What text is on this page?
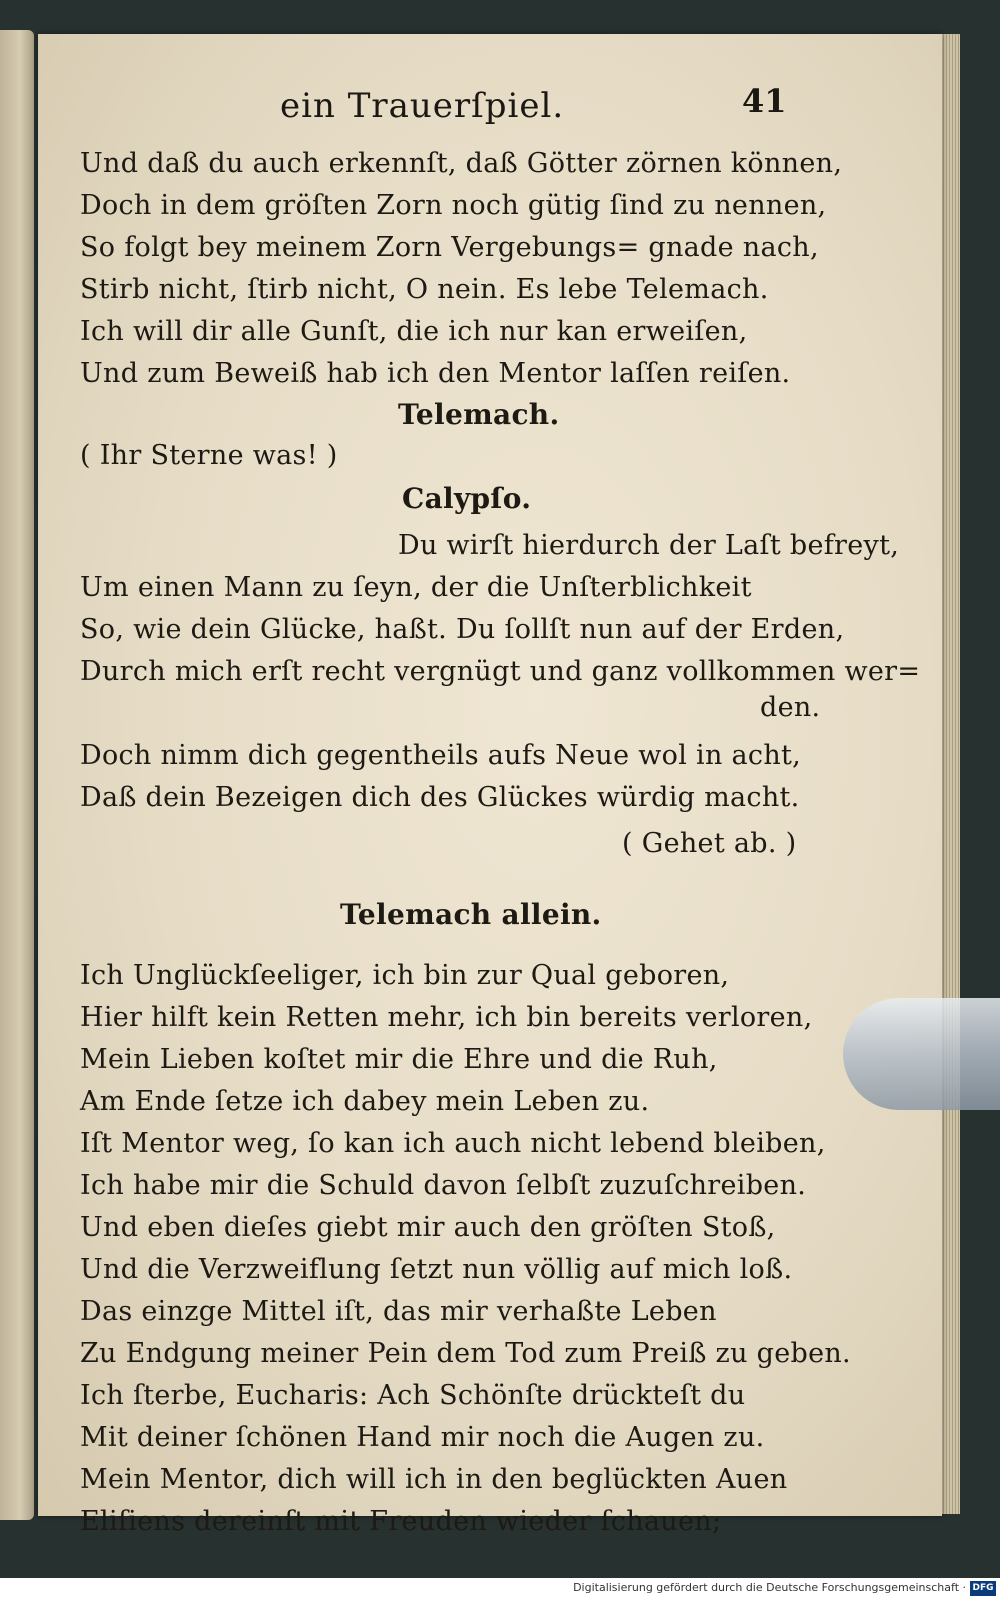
ein Trauerſpiel.	41
Und daß du auch erkennſt, daß Götter zörnen können,
Doch in dem gröſten Zorn noch gütig ſind zu nennen,
So folgt bey meinem Zorn Vergebungs= gnade nach,
Stirb nicht, ſtirb nicht, O nein. Es lebe Telemach.
Ich will dir alle Gunſt, die ich nur kan erweiſen,
Und zum Beweiß hab ich den Mentor laſſen reiſen.
Telemach.
( Ihr Sterne was! )
Calypſo.
Du wirſt hierdurch der Laſt befreyt,
Um einen Mann zu ſeyn, der die Unſterblichkeit
So, wie dein Glücke, haßt. Du ſollſt nun auf der Erden,
Durch mich erſt recht vergnügt und ganz vollkommen wer=
den.
Doch nimm dich gegentheils aufs Neue wol in acht,
Daß dein Bezeigen dich des Glückes würdig macht.
( Gehet ab. )
Telemach allein.
Ich Unglückſeeliger, ich bin zur Qual geboren,
Hier hilft kein Retten mehr, ich bin bereits verloren,
Mein Lieben koſtet mir die Ehre und die Ruh,
Am Ende ſetze ich dabey mein Leben zu.
Iſt Mentor weg, ſo kan ich auch nicht lebend bleiben,
Ich habe mir die Schuld davon ſelbſt zuzuſchreiben.
Und eben dieſes giebt mir auch den gröſten Stoß,
Und die Verzweiflung ſetzt nun völlig auf mich loß.
Das einzge Mittel iſt, das mir verhaßte Leben
Zu Endgung meiner Pein dem Tod zum Preiß zu geben.
Ich ſterbe, Eucharis: Ach Schönſte drückteſt du
Mit deiner ſchönen Hand mir noch die Augen zu.
Mein Mentor, dich will ich in den beglückten Auen
Eliſiens dereinſt mit Freuden wieder ſchauen;
Digitalisierung gefördert durch die Deutsche Forschungsgemeinschaft · DFG
